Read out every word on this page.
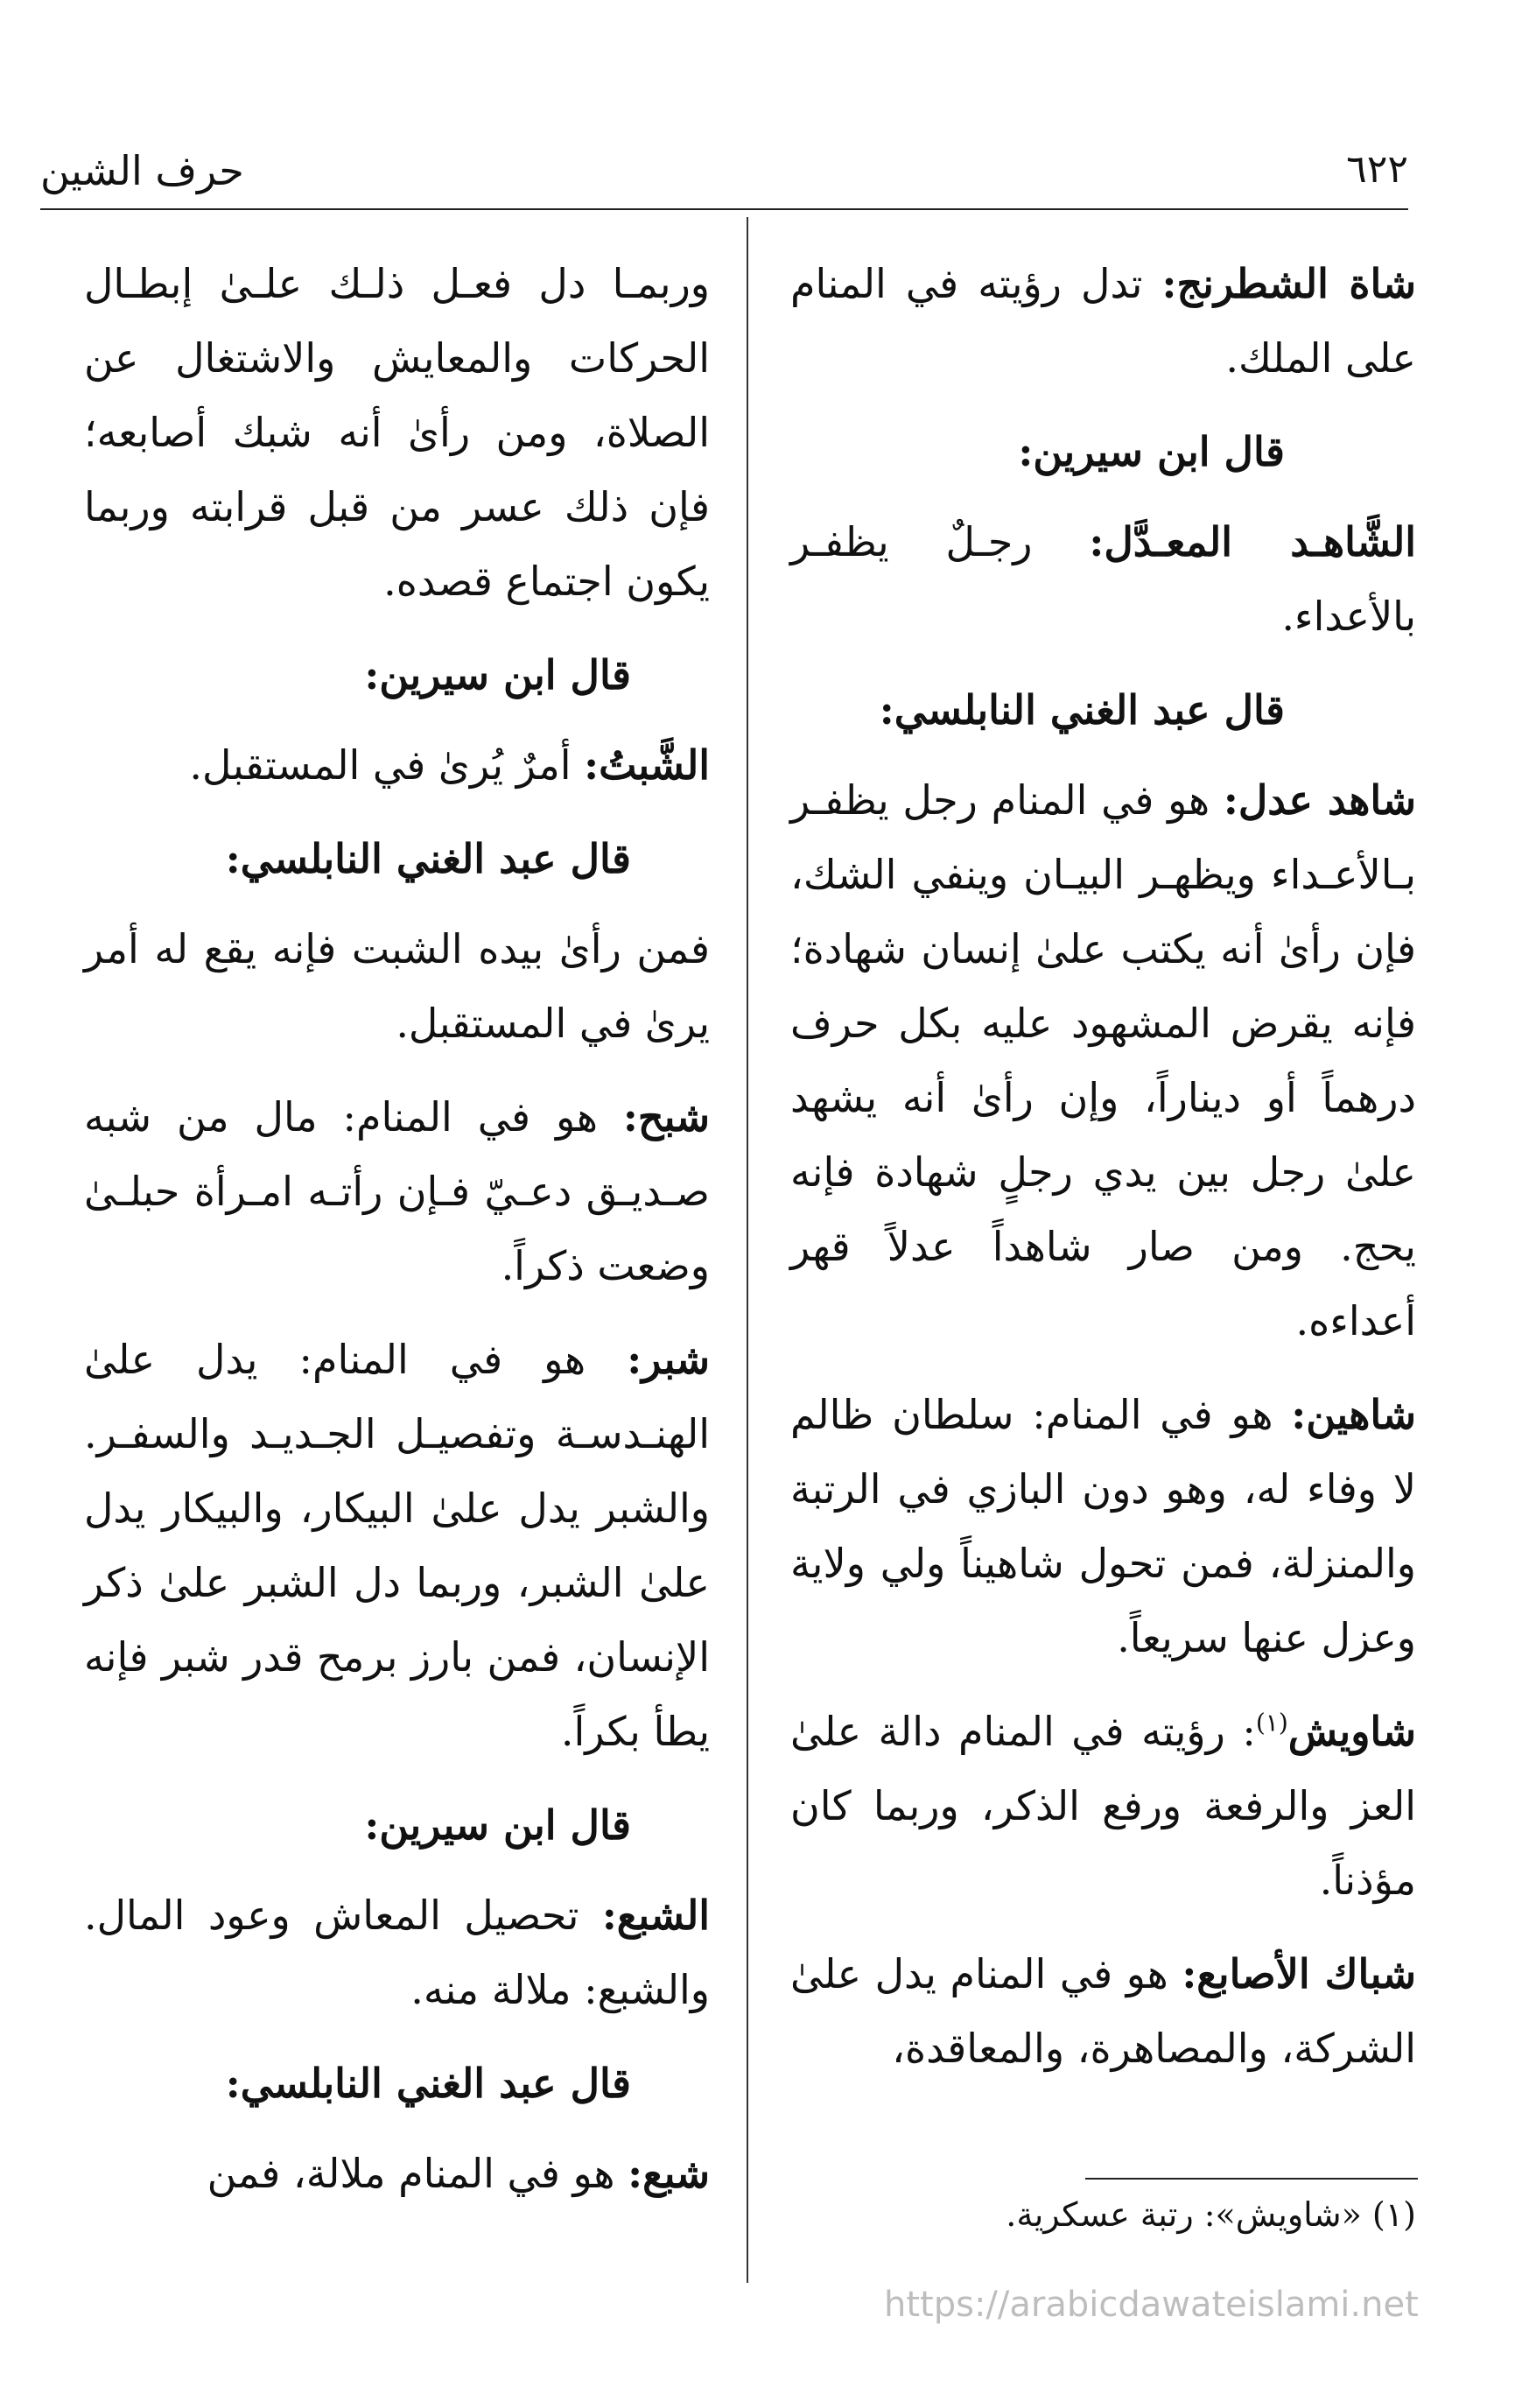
حرف الشين	٦٢٢

شاة الشطرنج: تدل رؤيته في المنام على الملك.

قال ابن سيرين:

الشَّاهـد المعـدَّل: رجـلٌ يظفـر بالأعداء.

قال عبد الغني النابلسي:

شاهد عدل: هو في المنام رجل يظفـر بـالأعـداء ويظهـر البيـان وينفي الشك، فإن رأىٰ أنه يكتب علىٰ إنسان شهادة؛ فإنه يقرض المشهود عليه بكل حرف درهماً أو ديناراً، وإن رأىٰ أنه يشهد علىٰ رجل بين يدي رجلٍ شهادة فإنه يحج. ومن صار شاهداً عدلاً قهر أعداءه.

شاهين: هو في المنام: سلطان ظالم لا وفاء له، وهو دون البازي في الرتبة والمنزلة، فمن تحول شاهيناً ولي ولاية وعزل عنها سريعاً.

شاويش$^{(١)}$: رؤيته في المنام دالة علىٰ العز والرفعة ورفع الذكر، وربما كان مؤذناً.

شباك الأصابع: هو في المنام يدل علىٰ الشركة، والمصاهرة، والمعاقدة،

وربمـا دل فعـل ذلـك علـىٰ إبطـال الحركات والمعايش والاشتغال عن الصلاة، ومن رأىٰ أنه شبك أصابعه؛ فإن ذلك عسر من قبل قرابته وربما يكون اجتماع قصده.

قال ابن سيرين:

الشَّبتُ: أمرٌ يُرىٰ في المستقبل.

قال عبد الغني النابلسي:

فمن رأىٰ بيده الشبت فإنه يقع له أمر يرىٰ في المستقبل.

شبح: هو في المنام: مال من شبه صـديـق دعـيّ فـإن رأتـه امـرأة حبلـىٰ وضعت ذكراً.

شبر: هو في المنام: يدل علىٰ الهنـدسـة وتفصيـل الجـديـد والسفـر. والشبر يدل علىٰ البيكار، والبيكار يدل علىٰ الشبر، وربما دل الشبر علىٰ ذكر الإنسان، فمن بارز برمح قدر شبر فإنه يطأ بكراً.

قال ابن سيرين:

الشبع: تحصيل المعاش وعود المال. والشبع: ملالة منه.

قال عبد الغني النابلسي:

شبع: هو في المنام ملالة، فمن

(١) «شاويش»: رتبة عسكرية.
https://arabicdawateislami.net
